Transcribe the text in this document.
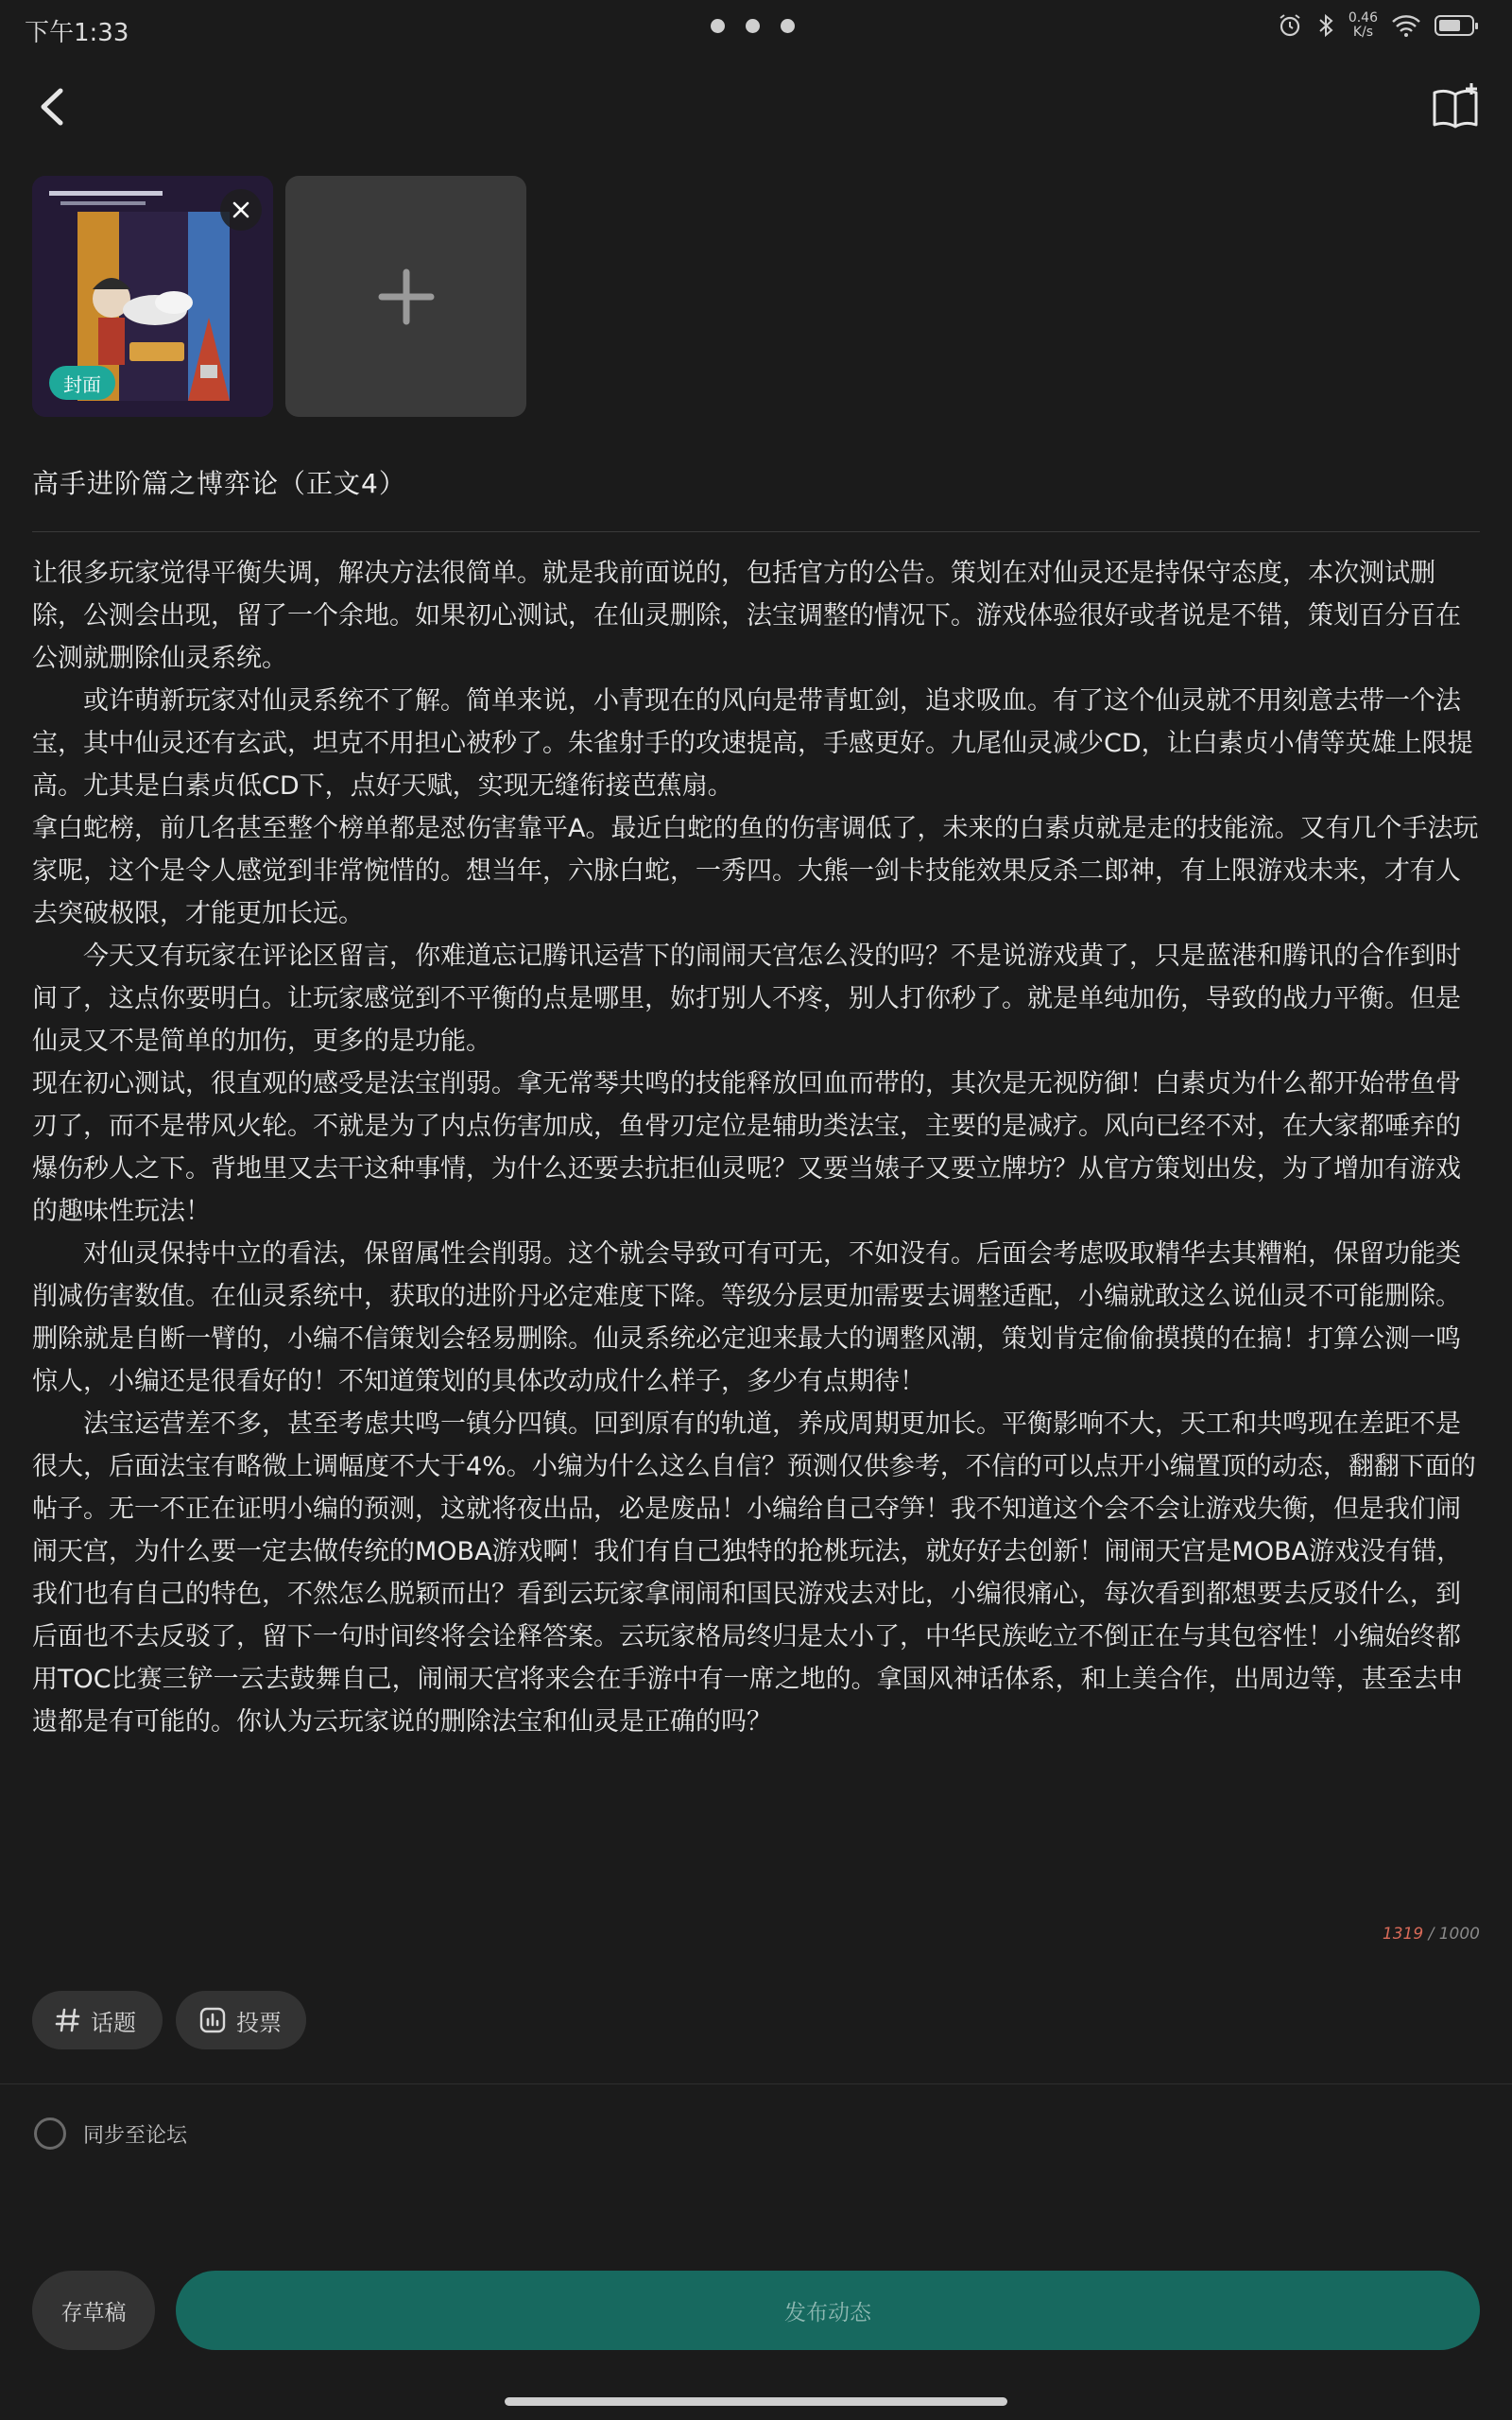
下午1:33
0.46
K/s
封面
高手进阶篇之博弈论（正文4）

让很多玩家觉得平衡失调，解决方法很简单。就是我前面说的，包括官方的公告。策划在对仙灵还是持保守态度，本次测试删除，公测会出现，留了一个余地。如果初心测试，在仙灵删除，法宝调整的情况下。游戏体验很好或者说是不错，策划百分百在公测就删除仙灵系统。

或许萌新玩家对仙灵系统不了解。简单来说，小青现在的风向是带青虹剑，追求吸血。有了这个仙灵就不用刻意去带一个法宝，其中仙灵还有玄武，坦克不用担心被秒了。朱雀射手的攻速提高，手感更好。九尾仙灵减少CD，让白素贞小倩等英雄上限提高。尤其是白素贞低CD下，点好天赋，实现无缝衔接芭蕉扇。

拿白蛇榜，前几名甚至整个榜单都是怼伤害靠平A。最近白蛇的鱼的伤害调低了，未来的白素贞就是走的技能流。又有几个手法玩家呢，这个是令人感觉到非常惋惜的。想当年，六脉白蛇，一秀四。大熊一剑卡技能效果反杀二郎神，有上限游戏未来，才有人去突破极限，才能更加长远。

今天又有玩家在评论区留言，你难道忘记腾讯运营下的闹闹天宫怎么没的吗？不是说游戏黄了，只是蓝港和腾讯的合作到时间了，这点你要明白。让玩家感觉到不平衡的点是哪里，妳打别人不疼，别人打你秒了。就是单纯加伤，导致的战力平衡。但是仙灵又不是简单的加伤，更多的是功能。

现在初心测试，很直观的感受是法宝削弱。拿无常琴共鸣的技能释放回血而带的，其次是无视防御！白素贞为什么都开始带鱼骨刃了，而不是带风火轮。不就是为了内点伤害加成，鱼骨刃定位是辅助类法宝，主要的是减疗。风向已经不对，在大家都唾弃的爆伤秒人之下。背地里又去干这种事情，为什么还要去抗拒仙灵呢？又要当婊子又要立牌坊？从官方策划出发，为了增加有游戏的趣味性玩法！

对仙灵保持中立的看法，保留属性会削弱。这个就会导致可有可无，不如没有。后面会考虑吸取精华去其糟粕，保留功能类削减伤害数值。在仙灵系统中，获取的进阶丹必定难度下降。等级分层更加需要去调整适配，小编就敢这么说仙灵不可能删除。删除就是自断一臂的，小编不信策划会轻易删除。仙灵系统必定迎来最大的调整风潮，策划肯定偷偷摸摸的在搞！打算公测一鸣惊人，小编还是很看好的！不知道策划的具体改动成什么样子，多少有点期待！

法宝运营差不多，甚至考虑共鸣一镇分四镇。回到原有的轨道，养成周期更加长。平衡影响不大，天工和共鸣现在差距不是很大，后面法宝有略微上调幅度不大于4%。小编为什么这么自信？预测仅供参考，不信的可以点开小编置顶的动态，翻翻下面的帖子。无一不正在证明小编的预测，这就将夜出品，必是废品！小编给自己夺笋！我不知道这个会不会让游戏失衡，但是我们闹闹天宫，为什么要一定去做传统的MOBA游戏啊！我们有自己独特的抢桃玩法，就好好去创新！闹闹天宫是MOBA游戏没有错，我们也有自己的特色，不然怎么脱颖而出？看到云玩家拿闹闹和国民游戏去对比，小编很痛心，每次看到都想要去反驳什么，到后面也不去反驳了，留下一句时间终将会诠释答案。云玩家格局终归是太小了，中华民族屹立不倒正在与其包容性！小编始终都用TOC比赛三铲一云去鼓舞自己，闹闹天宫将来会在手游中有一席之地的。拿国风神话体系，和上美合作，出周边等，甚至去申遗都是有可能的。你认为云玩家说的删除法宝和仙灵是正确的吗？

1319 / 1000
话题	投票
同步至论坛
存草稿	发布动态
